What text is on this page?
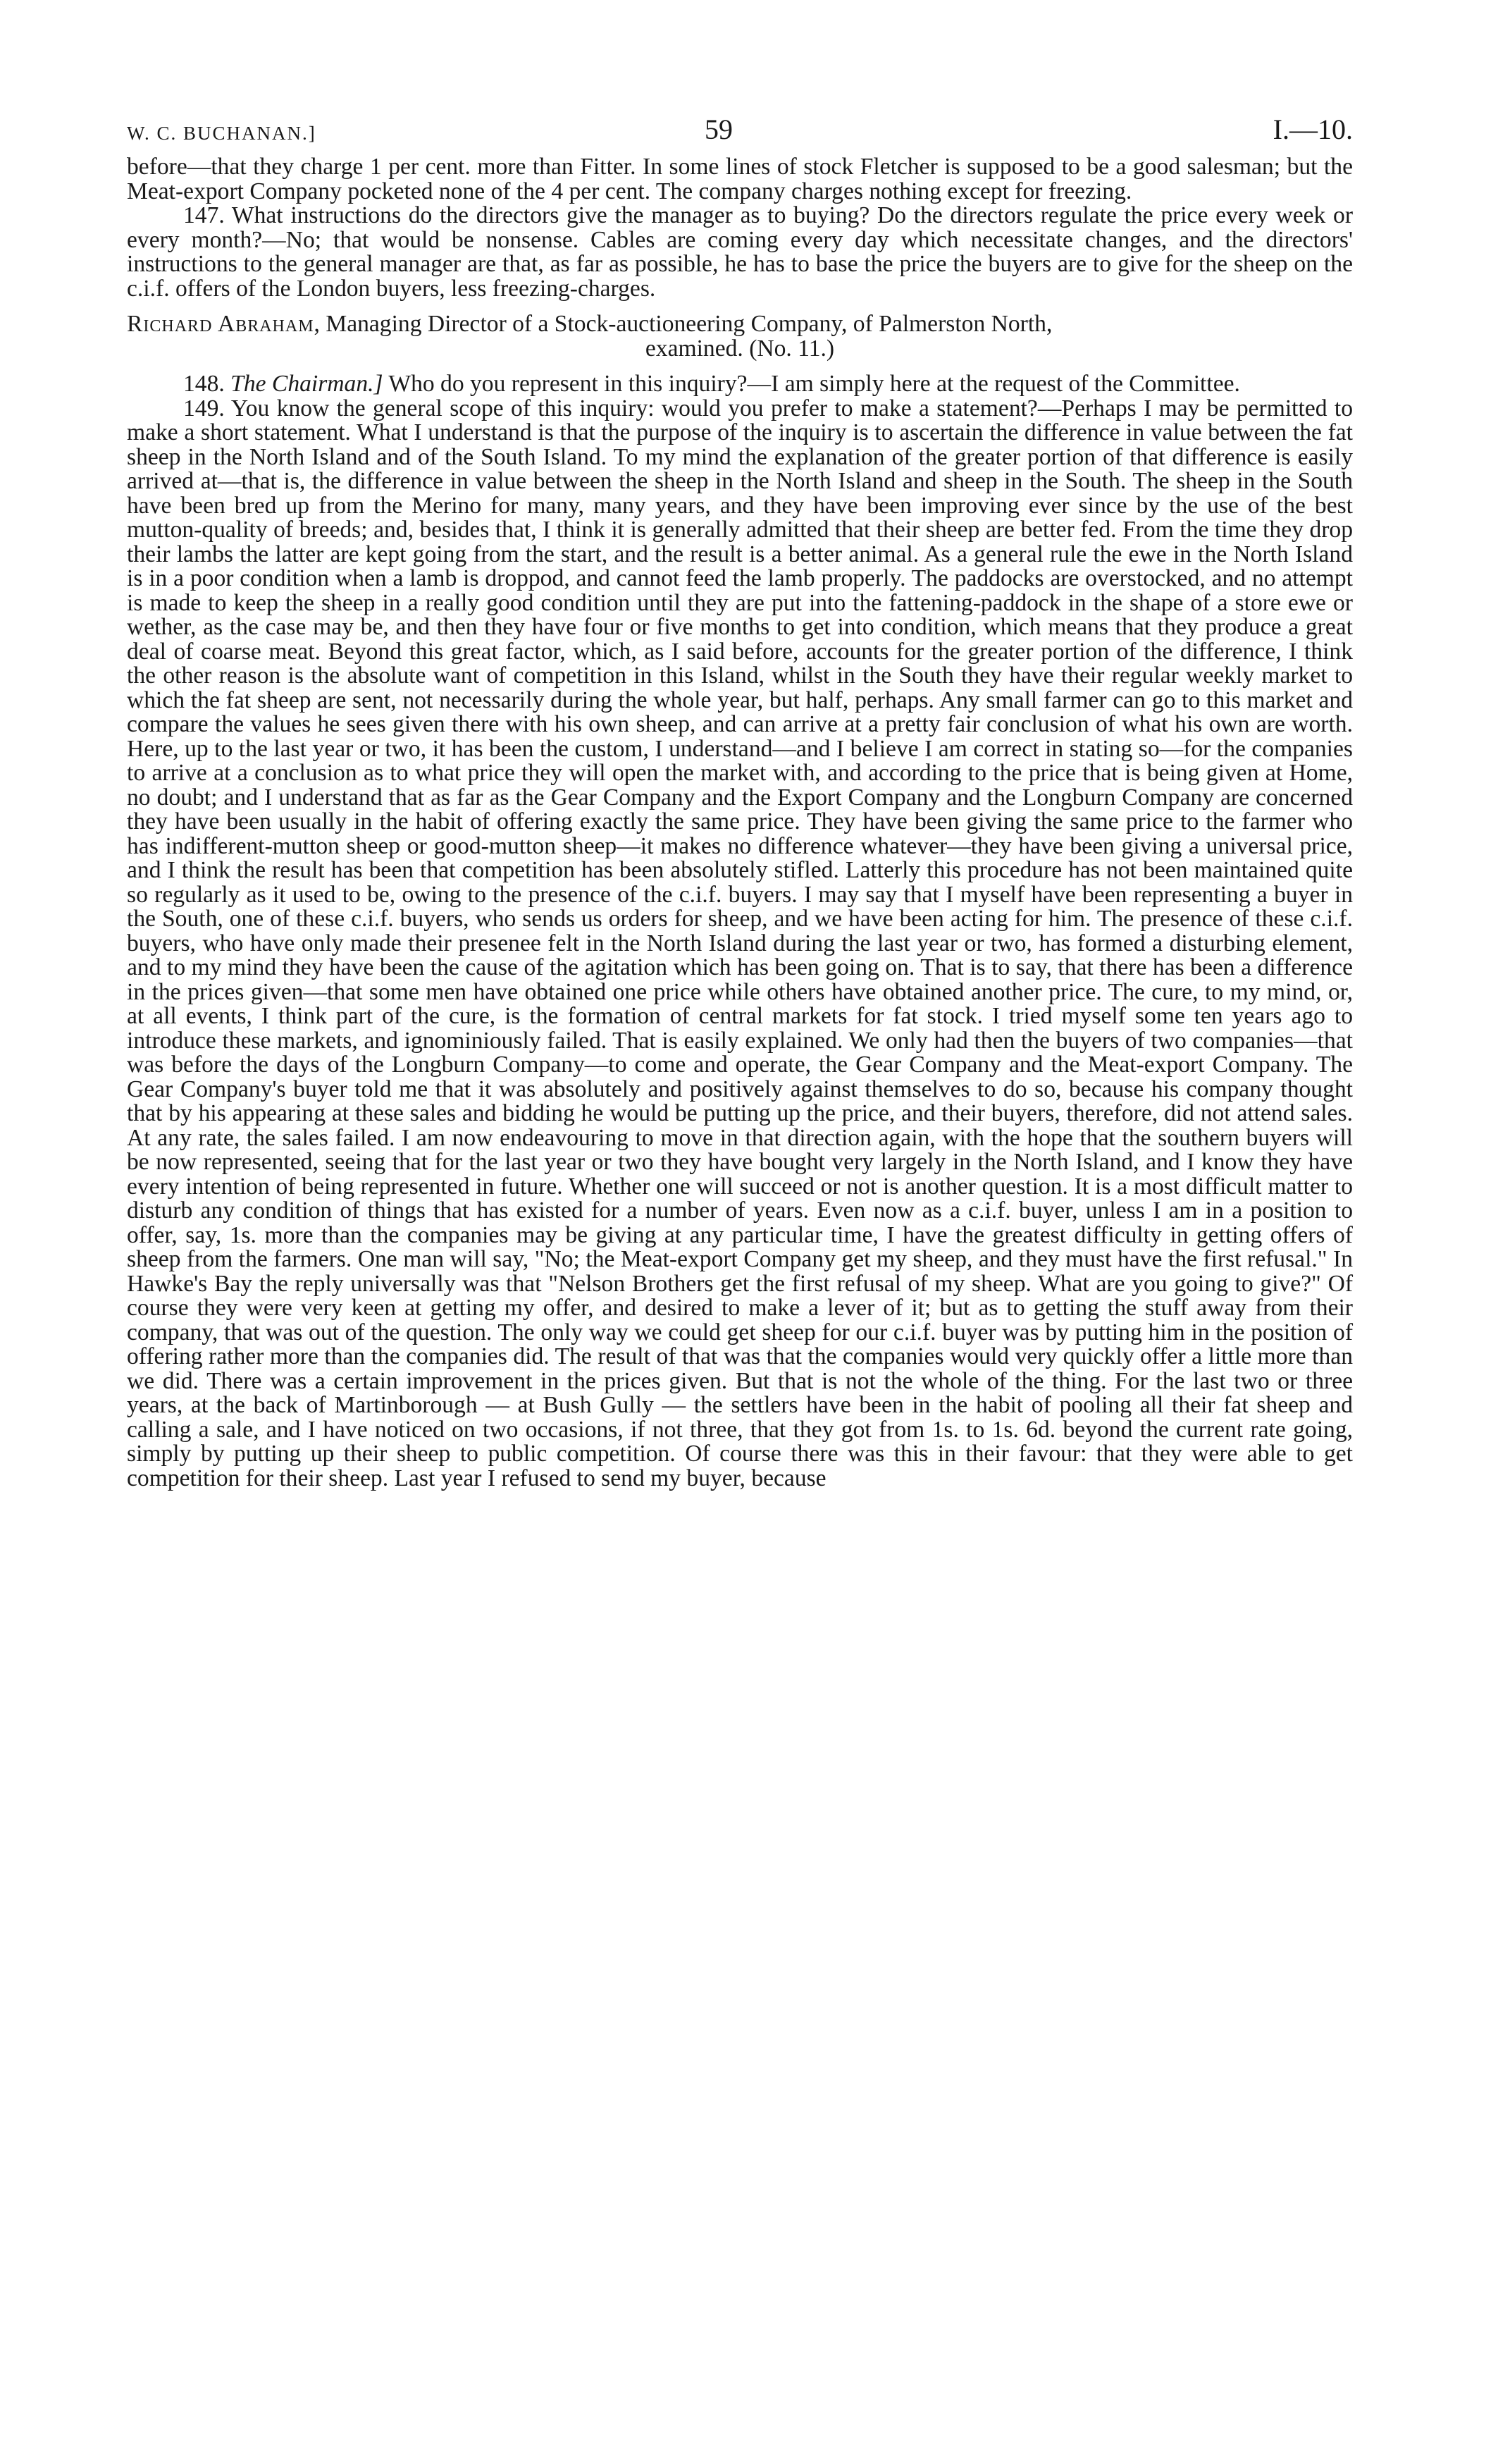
W. C. BUCHANAN.]	59	I.—10.

before—that they charge 1 per cent. more than Fitter. In some lines of stock Fletcher is supposed to be a good salesman; but the Meat-export Company pocketed none of the 4 per cent. The company charges nothing except for freezing.

147. What instructions do the directors give the manager as to buying? Do the directors regulate the price every week or every month?—No; that would be nonsense. Cables are coming every day which necessitate changes, and the directors' instructions to the general manager are that, as far as possible, he has to base the price the buyers are to give for the sheep on the c.i.f. offers of the London buyers, less freezing-charges.

Richard Abraham, Managing Director of a Stock-auctioneering Company, of Palmerston North,
examined. (No. 11.)

148. The Chairman.] Who do you represent in this inquiry?—I am simply here at the request of the Committee.

149. You know the general scope of this inquiry: would you prefer to make a statement?—Perhaps I may be permitted to make a short statement. What I understand is that the purpose of the inquiry is to ascertain the difference in value between the fat sheep in the North Island and of the South Island. To my mind the explanation of the greater portion of that difference is easily arrived at—that is, the difference in value between the sheep in the North Island and sheep in the South. The sheep in the South have been bred up from the Merino for many, many years, and they have been improving ever since by the use of the best mutton-quality of breeds; and, besides that, I think it is generally admitted that their sheep are better fed. From the time they drop their lambs the latter are kept going from the start, and the result is a better animal. As a general rule the ewe in the North Island is in a poor condition when a lamb is droppod, and cannot feed the lamb properly. The paddocks are overstocked, and no attempt is made to keep the sheep in a really good condition until they are put into the fattening-paddock in the shape of a store ewe or wether, as the case may be, and then they have four or five months to get into condition, which means that they produce a great deal of coarse meat. Beyond this great factor, which, as I said before, accounts for the greater portion of the difference, I think the other reason is the absolute want of competition in this Island, whilst in the South they have their regular weekly market to which the fat sheep are sent, not necessarily during the whole year, but half, perhaps. Any small farmer can go to this market and compare the values he sees given there with his own sheep, and can arrive at a pretty fair conclusion of what his own are worth. Here, up to the last year or two, it has been the custom, I understand—and I believe I am correct in stating so—for the companies to arrive at a conclusion as to what price they will open the market with, and according to the price that is being given at Home, no doubt; and I understand that as far as the Gear Company and the Export Company and the Longburn Company are concerned they have been usually in the habit of offering exactly the same price. They have been giving the same price to the farmer who has indifferent-mutton sheep or good-mutton sheep—it makes no difference whatever—they have been giving a universal price, and I think the result has been that competition has been absolutely stifled. Latterly this procedure has not been maintained quite so regularly as it used to be, owing to the presence of the c.i.f. buyers. I may say that I myself have been representing a buyer in the South, one of these c.i.f. buyers, who sends us orders for sheep, and we have been acting for him. The presence of these c.i.f. buyers, who have only made their presenee felt in the North Island during the last year or two, has formed a disturbing element, and to my mind they have been the cause of the agitation which has been going on. That is to say, that there has been a difference in the prices given—that some men have obtained one price while others have obtained another price. The cure, to my mind, or, at all events, I think part of the cure, is the formation of central markets for fat stock. I tried myself some ten years ago to introduce these markets, and ignominiously failed. That is easily explained. We only had then the buyers of two companies—that was before the days of the Longburn Company—to come and operate, the Gear Company and the Meat-export Company. The Gear Company's buyer told me that it was absolutely and positively against themselves to do so, because his company thought that by his appearing at these sales and bidding he would be putting up the price, and their buyers, therefore, did not attend sales. At any rate, the sales failed. I am now endeavouring to move in that direction again, with the hope that the southern buyers will be now represented, seeing that for the last year or two they have bought very largely in the North Island, and I know they have every intention of being represented in future. Whether one will succeed or not is another question. It is a most difficult matter to disturb any condition of things that has existed for a number of years. Even now as a c.i.f. buyer, unless I am in a position to offer, say, 1s. more than the companies may be giving at any particular time, I have the greatest difficulty in getting offers of sheep from the farmers. One man will say, "No; the Meat-export Company get my sheep, and they must have the first refusal." In Hawke's Bay the reply universally was that "Nelson Brothers get the first refusal of my sheep. What are you going to give?" Of course they were very keen at getting my offer, and desired to make a lever of it; but as to getting the stuff away from their company, that was out of the question. The only way we could get sheep for our c.i.f. buyer was by putting him in the position of offering rather more than the companies did. The result of that was that the companies would very quickly offer a little more than we did. There was a certain improvement in the prices given. But that is not the whole of the thing. For the last two or three years, at the back of Martinborough — at Bush Gully — the settlers have been in the habit of pooling all their fat sheep and calling a sale, and I have noticed on two occasions, if not three, that they got from 1s. to 1s. 6d. beyond the current rate going, simply by putting up their sheep to public competition. Of course there was this in their favour: that they were able to get competition for their sheep. Last year I refused to send my buyer, because
